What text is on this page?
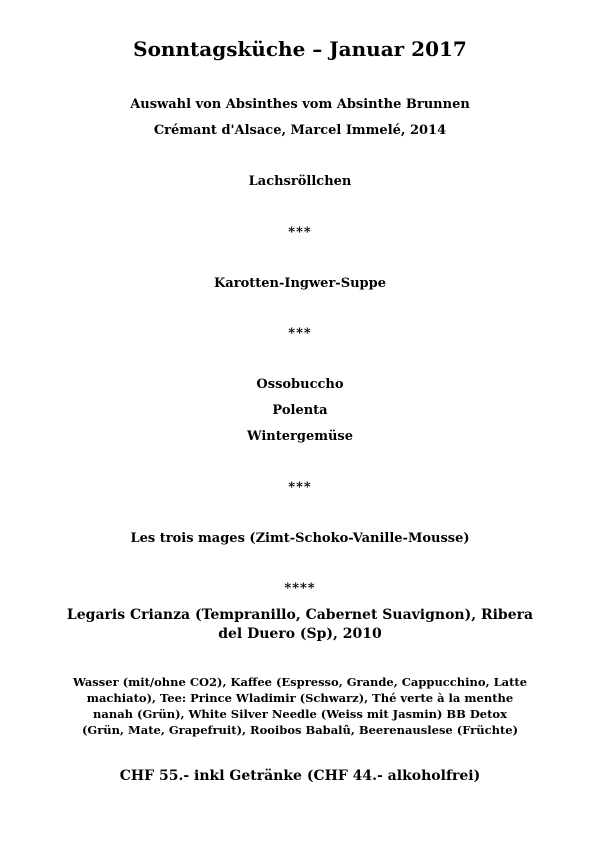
Sonntagsküche – Januar 2017
Auswahl von Absinthes vom Absinthe Brunnen
Crémant d'Alsace, Marcel Immelé, 2014
Lachsröllchen
***
Karotten-Ingwer-Suppe
***
Ossobuccho
Polenta
Wintergemüse
***
Les trois mages (Zimt-Schoko-Vanille-Mousse)
****
Legaris Crianza (Tempranillo, Cabernet Suavignon), Ribera del Duero (Sp), 2010
Wasser (mit/ohne CO2), Kaffee (Espresso, Grande, Cappucchino, Latte machiato), Tee: Prince Wladimir (Schwarz), Thé verte à la menthe nanah (Grün), White Silver Needle (Weiss mit Jasmin) BB Detox (Grün, Mate, Grapefruit), Rooibos Babalû, Beerenauslese (Früchte)
CHF 55.- inkl Getränke (CHF 44.- alkoholfrei)
